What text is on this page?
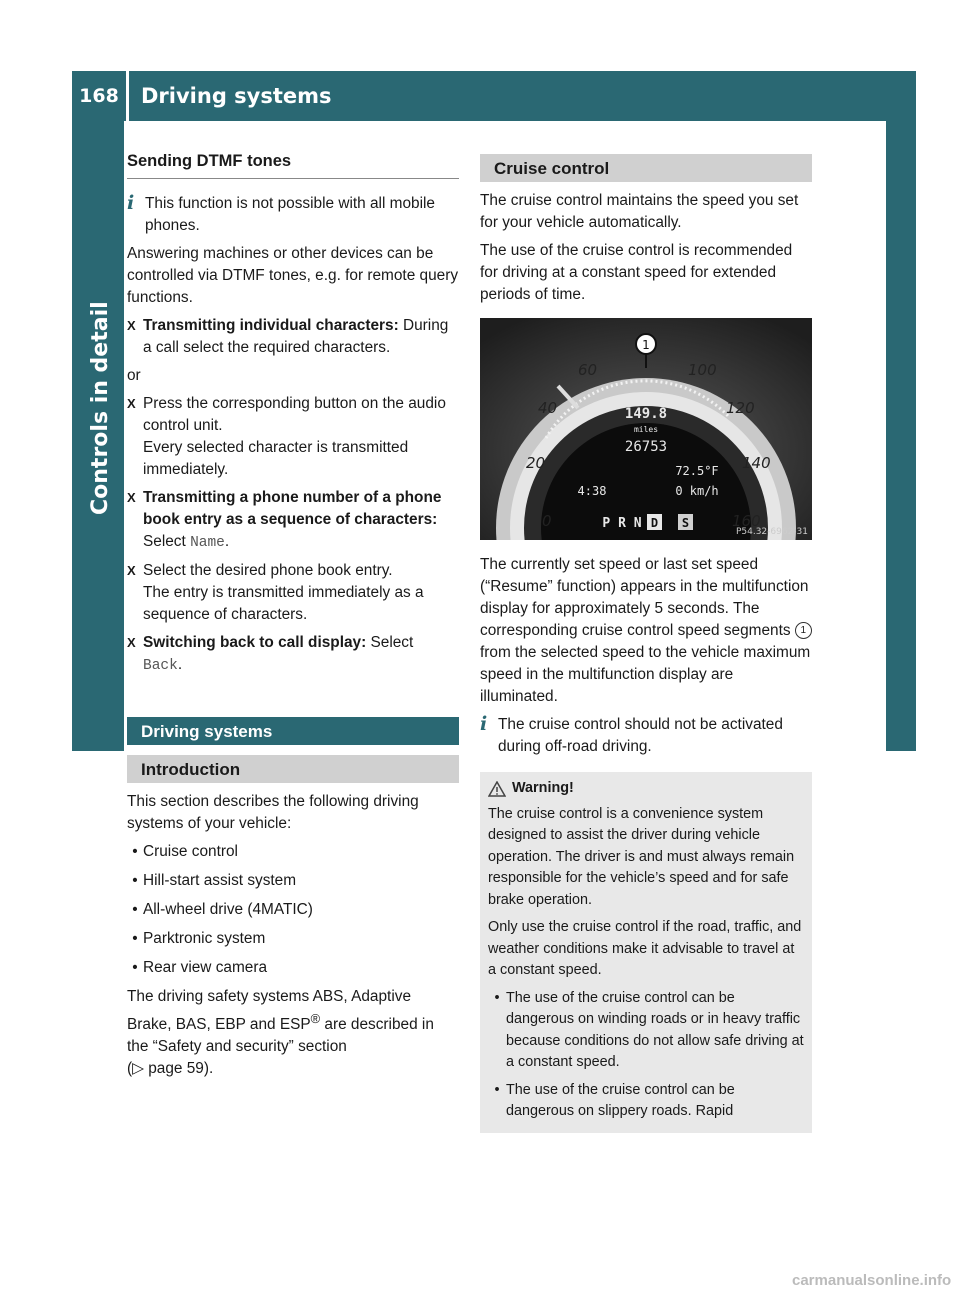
168	Driving systems
Controls in detail
Sending DTMF tones
i This function is not possible with all mobile phones.

Answering machines or other devices can be controlled via DTMF tones, e.g. for remote query functions.

X Transmitting individual characters: During a call select the required characters.

or

X Press the corresponding button on the audio control unit.
Every selected character is transmitted immediately.
X Transmitting a phone number of a phone book entry as a sequence of characters: Select Name.
X Select the desired phone book entry.
The entry is transmitted immediately as a sequence of characters.
X Switching back to call display: Select
Back.
Driving systems
Introduction

This section describes the following driving systems of your vehicle:

• Cruise control
• Hill-start assist system
• All-wheel drive (4MATIC)
• Parktronic system
• Rear view camera

The driving safety systems ABS, Adaptive Brake, BAS, EBP and ESP® are described in the “Safety and security” section
(▷ page 59).

Cruise control

The cruise control maintains the speed you set for your vehicle automatically.

The use of the cruise control is recommended for driving at a constant speed for extended periods of time.

1
0
20
40
60	100
120
140
160
149.8
miles
26753
72.5°F
4:38	0 km/h
P R N D S
P54.32-6962-31

The currently set speed or last set speed (“Resume” function) appears in the multifunction display for approximately 5 seconds. The corresponding cruise control speed segments 1 from the selected speed to the vehicle maximum speed in the multifunction display are illuminated.

i The cruise control should not be activated during off-road driving.
Warning!

The cruise control is a convenience system designed to assist the driver during vehicle operation. The driver is and must always remain responsible for the vehicle’s speed and for safe brake operation.

Only use the cruise control if the road, traffic, and weather conditions make it advisable to travel at a constant speed.

• The use of the cruise control can be dangerous on winding roads or in heavy traffic because conditions do not allow safe driving at a constant speed.
• The use of the cruise control can be dangerous on slippery roads. Rapid
carmanualsonline.info
